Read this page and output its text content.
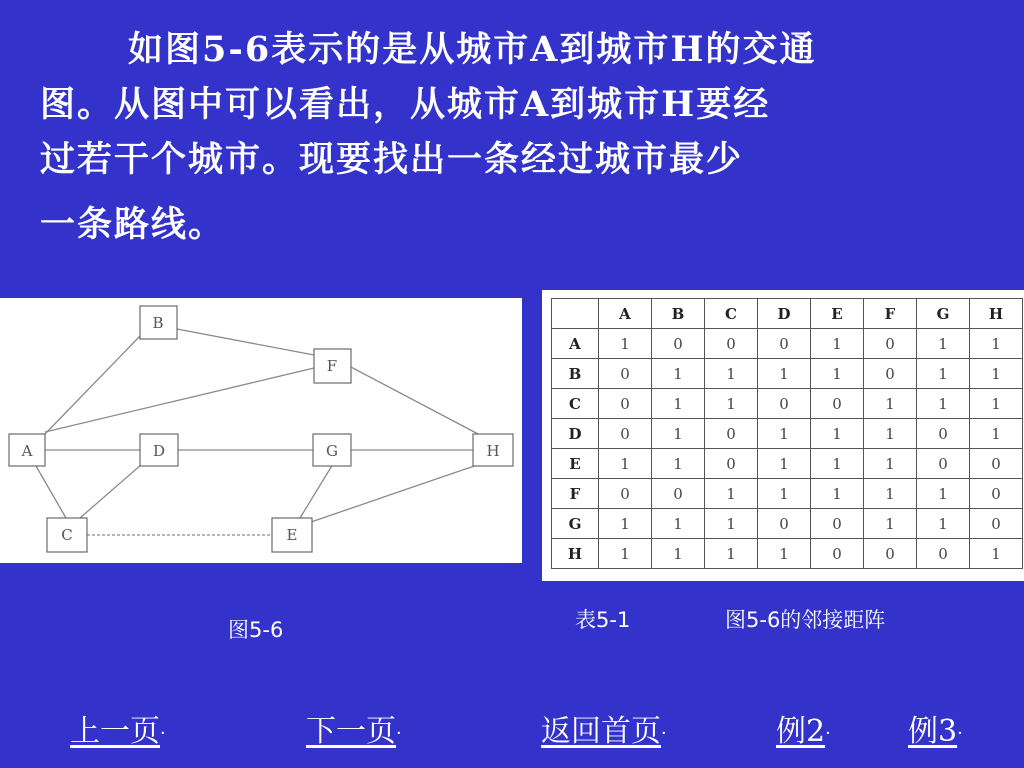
如图5-6表示的是从城市A到城市H的交通
图。从图中可以看出，从城市A到城市H要经
过若干个城市。现要找出一条经过城市最少
一条路线。
A
B
C
D
E
F
G	H
	A	B	C	D	E	F	G	H
A	1	0	0	0	1	0	1	1
B	0	1	1	1	1	0	1	1
C	0	1	1	0	0	1	1	1
D	0	1	0	1	1	1	0	1
E	1	1	0	1	1	1	0	0
F	0	0	1	1	1	1	1	0
G	1	1	1	0	0	1	1	0
H	1	1	1	1	0	0	0	1
图5-6	表5-1	图5-6的邻接距阵
上一页·	下一页·	返回首页·	例2·	例3·
